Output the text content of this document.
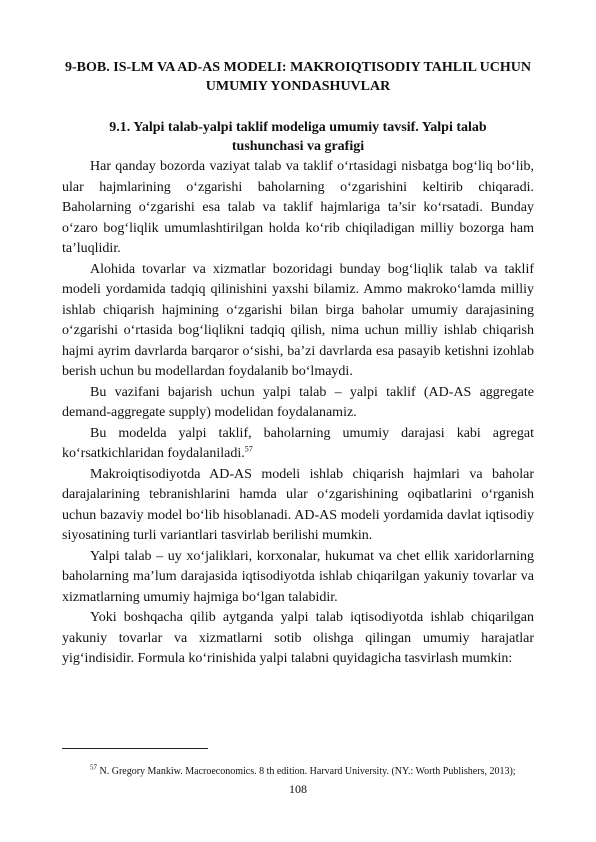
9-BOB. IS-LM VA AD-AS MODELI: MAKROIQTISODIY TAHLIL UCHUN UMUMIY YONDASHUVLAR
9.1. Yalpi talab-yalpi taklif modeliga umumiy tavsif. Yalpi talab tushunchasi va grafigi

Har qanday bozorda vaziyat talab va taklif o‘rtasidagi nisbatga bog‘liq bo‘lib, ular hajmlarining o‘zgarishi baholarning o‘zgarishini keltirib chiqaradi. Baholarning o‘zgarishi esa talab va taklif hajmlariga ta’sir ko‘rsatadi. Bunday o‘zaro bog‘liqlik umumlashtirilgan holda ko‘rib chiqiladigan milliy bozorga ham ta’luqlidir.

Alohida tovarlar va xizmatlar bozoridagi bunday bog‘liqlik talab va taklif modeli yordamida tadqiq qilinishini yaxshi bilamiz. Ammo makroko‘lamda milliy ishlab chiqarish hajmining o‘zgarishi bilan birga baholar umumiy darajasining o‘zgarishi o‘rtasida bog‘liqlikni tadqiq qilish, nima uchun milliy ishlab chiqarish hajmi ayrim davrlarda barqaror o‘sishi, ba’zi davrlarda esa pasayib ketishni izohlab berish uchun bu modellardan foydalanib bo‘lmaydi.

Bu vazifani bajarish uchun yalpi talab – yalpi taklif (AD-AS aggregate demand-aggregate supply) modelidan foydalanamiz.

Bu modelda yalpi taklif, baholarning umumiy darajasi kabi agregat ko‘rsatkichlaridan foydalaniladi.$^{57}$

Makroiqtisodiyotda AD-AS modeli ishlab chiqarish hajmlari va baholar darajalarining tebranishlarini hamda ular o‘zgarishining oqibatlarini o‘rganish uchun bazaviy model bo‘lib hisoblanadi. AD-AS modeli yordamida davlat iqtisodiy siyosatining turli variantlari tasvirlab berilishi mumkin.

Yalpi talab – uy xo‘jaliklari, korxonalar, hukumat va chet ellik xaridorlarning baholarning ma’lum darajasida iqtisodiyotda ishlab chiqarilgan yakuniy tovarlar va xizmatlarning umumiy hajmiga bo‘lgan talabidir.

Yoki boshqacha qilib aytganda yalpi talab iqtisodiyotda ishlab chiqarilgan yakuniy tovarlar va xizmatlarni sotib olishga qilingan umumiy harajatlar yig‘indisidir. Formula ko‘rinishida yalpi talabni quyidagicha tasvirlash mumkin:

$^{57}$ N. Gregory Mankiw. Macroeconomics. 8 th edition. Harvard University. (NY.: Worth Publishers, 2013);

108
